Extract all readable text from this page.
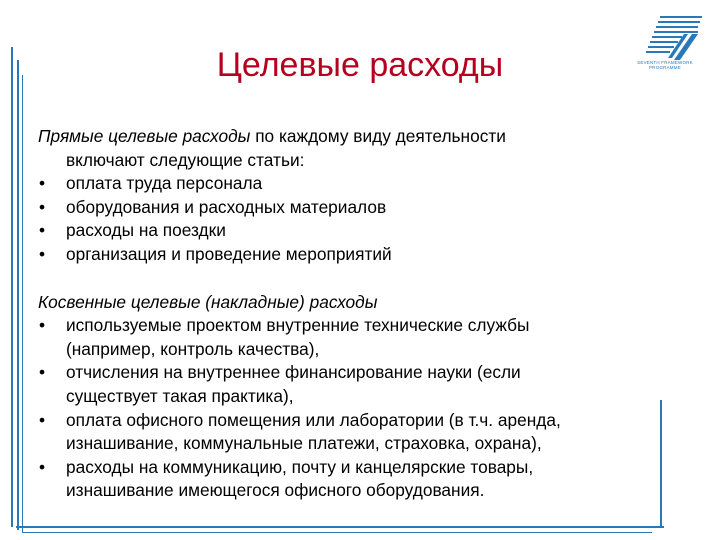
SEVENTH FRAMEWORK
PROGRAMME
Целевые расходы

Прямые целевые расходы по каждому виду деятельности

включают следующие статьи:
• оплата труда персонала
• оборудования и расходных материалов
• расходы на поездки
• организация и проведение мероприятий
Косвенные целевые (накладные) расходы
• используемые проектом внутренние технические службы
(например, контроль качества),
• отчисления на внутреннее финансирование науки (если
существует такая практика),
• оплата офисного помещения или лаборатории (в т.ч. аренда,
изнашивание, коммунальные платежи, страховка, охрана),
• расходы на коммуникацию, почту и канцелярские товары,
изнашивание имеющегося офисного оборудования.
